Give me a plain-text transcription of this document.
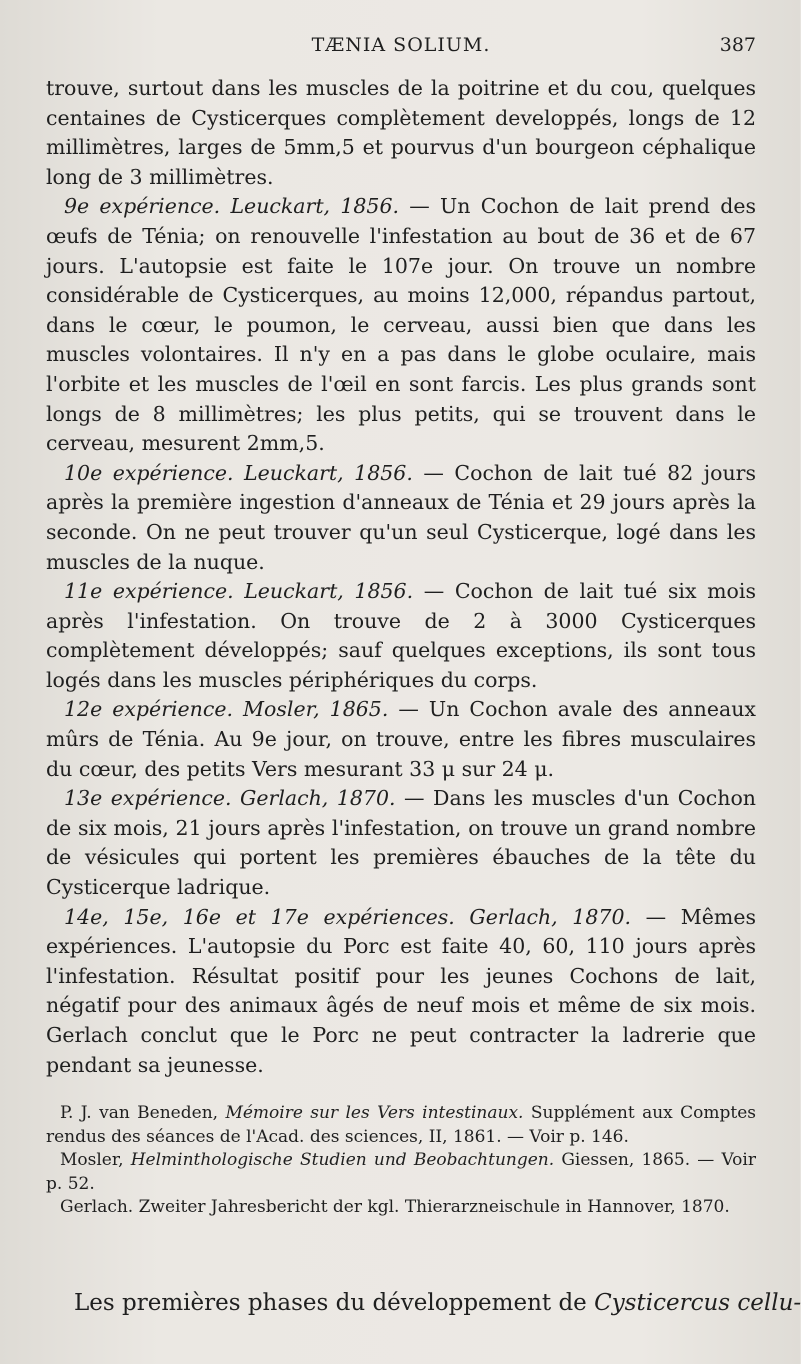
TÆNIA SOLIUM.	387

trouve, surtout dans les muscles de la poitrine et du cou, quelques centaines de Cysticerques complètement developpés, longs de 12 millimètres, larges de 5mm,5 et pourvus d'un bourgeon céphalique long de 3 millimètres.

9e expérience. Leuckart, 1856. — Un Cochon de lait prend des œufs de Ténia; on renouvelle l'infestation au bout de 36 et de 67 jours. L'autopsie est faite le 107e jour. On trouve un nombre considérable de Cysticerques, au moins 12,000, répandus partout, dans le cœur, le poumon, le cerveau, aussi bien que dans les muscles volontaires. Il n'y en a pas dans le globe oculaire, mais l'orbite et les muscles de l'œil en sont farcis. Les plus grands sont longs de 8 millimètres; les plus petits, qui se trouvent dans le cerveau, mesurent 2mm,5.

10e expérience. Leuckart, 1856. — Cochon de lait tué 82 jours après la première ingestion d'anneaux de Ténia et 29 jours après la seconde. On ne peut trouver qu'un seul Cysticerque, logé dans les muscles de la nuque.

11e expérience. Leuckart, 1856. — Cochon de lait tué six mois après l'infestation. On trouve de 2 à 3000 Cysticerques complètement développés; sauf quelques exceptions, ils sont tous logés dans les muscles périphériques du corps.

12e expérience. Mosler, 1865. — Un Cochon avale des anneaux mûrs de Ténia. Au 9e jour, on trouve, entre les fibres musculaires du cœur, des petits Vers mesurant 33 μ sur 24 μ.

13e expérience. Gerlach, 1870. — Dans les muscles d'un Cochon de six mois, 21 jours après l'infestation, on trouve un grand nombre de vésicules qui portent les premières ébauches de la tête du Cysticerque ladrique.

14e, 15e, 16e et 17e expériences. Gerlach, 1870. — Mêmes expériences. L'autopsie du Porc est faite 40, 60, 110 jours après l'infestation. Résultat positif pour les jeunes Cochons de lait, négatif pour des animaux âgés de neuf mois et même de six mois. Gerlach conclut que le Porc ne peut contracter la ladrerie que pendant sa jeunesse.

P. J. van Beneden, Mémoire sur les Vers intestinaux. Supplément aux Comptes rendus des séances de l'Acad. des sciences, II, 1861. — Voir p. 146.

Mosler, Helminthologische Studien und Beobachtungen. Giessen, 1865. — Voir p. 52.

Gerlach. Zweiter Jahresbericht der kgl. Thierarzneischule in Hannover, 1870.

Les premières phases du développement de Cysticercus cellu-
